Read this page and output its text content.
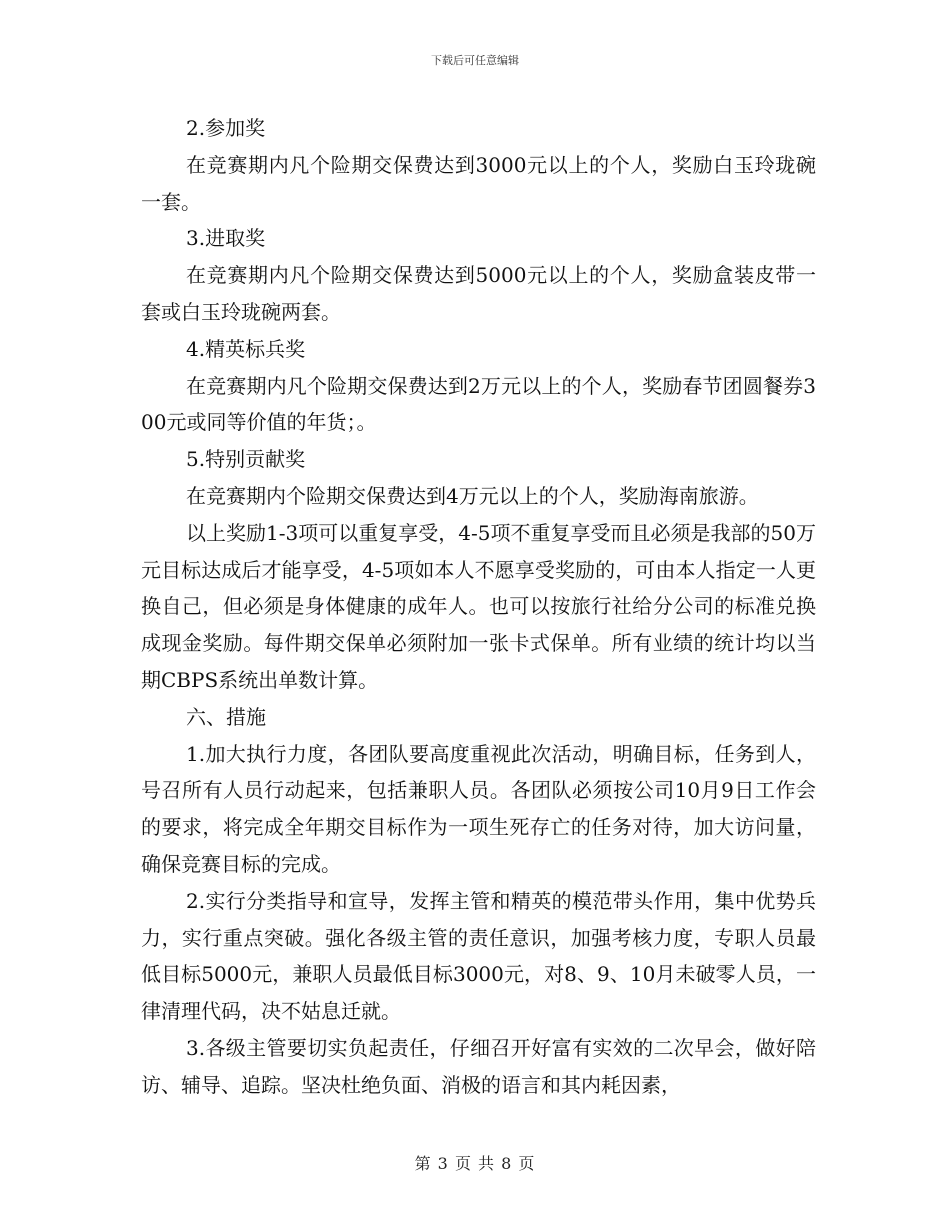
下载后可任意编辑

2.参加奖

在竞赛期内凡个险期交保费达到3000元以上的个人，奖励白玉玲珑碗一套。

3.进取奖

在竞赛期内凡个险期交保费达到5000元以上的个人，奖励盒装皮带一套或白玉玲珑碗两套。

4.精英标兵奖

在竞赛期内凡个险期交保费达到2万元以上的个人，奖励春节团圆餐券300元或同等价值的年货；。

5.特别贡献奖

在竞赛期内个险期交保费达到4万元以上的个人，奖励海南旅游。

以上奖励1-3项可以重复享受，4-5项不重复享受而且必须是我部的50万元目标达成后才能享受，4-5项如本人不愿享受奖励的，可由本人指定一人更换自己，但必须是身体健康的成年人。也可以按旅行社给分公司的标准兑换成现金奖励。每件期交保单必须附加一张卡式保单。所有业绩的统计均以当期CBPS系统出单数计算。

六、措施

1.加大执行力度，各团队要高度重视此次活动，明确目标，任务到人，号召所有人员行动起来，包括兼职人员。各团队必须按公司10月9日工作会的要求，将完成全年期交目标作为一项生死存亡的任务对待，加大访问量，确保竞赛目标的完成。

2.实行分类指导和宣导，发挥主管和精英的模范带头作用，集中优势兵力，实行重点突破。强化各级主管的责任意识，加强考核力度，专职人员最低目标5000元，兼职人员最低目标3000元，对8、9、10月未破零人员，一律清理代码，决不姑息迁就。

3.各级主管要切实负起责任，仔细召开好富有实效的二次早会，做好陪访、辅导、追踪。坚决杜绝负面、消极的语言和其内耗因素，

第 3 页 共 8 页
